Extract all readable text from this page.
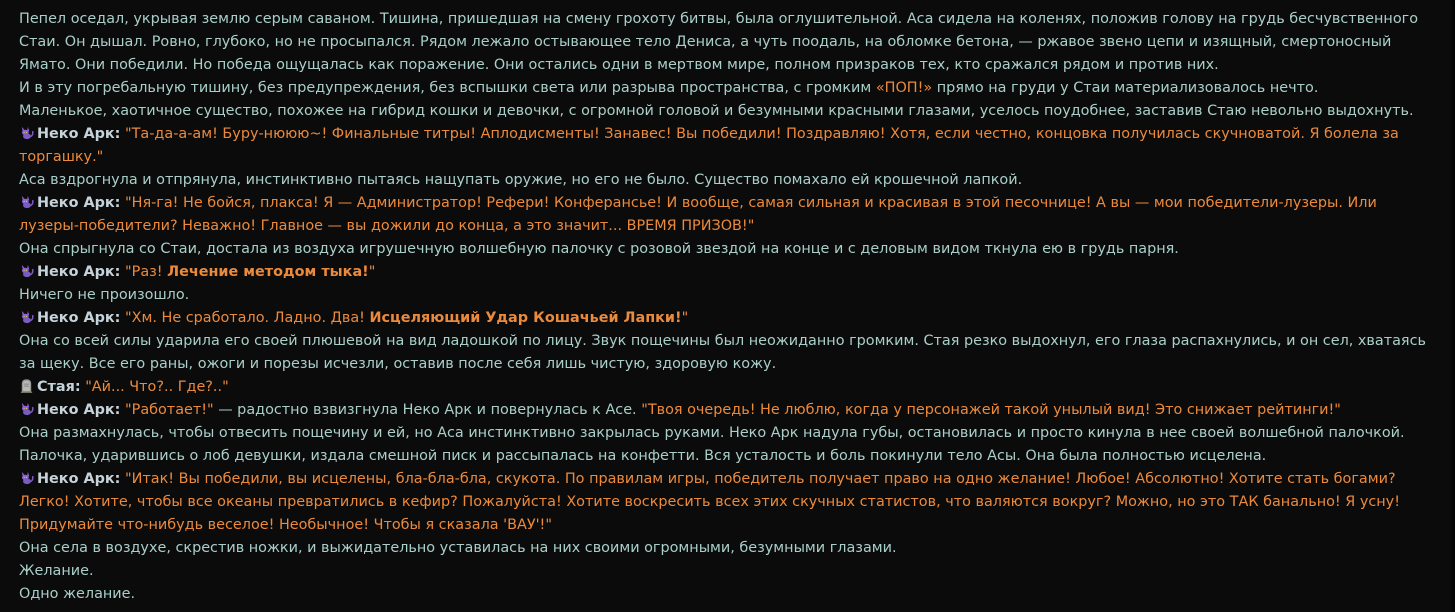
Пепел оседал, укрывая землю серым саваном. Тишина, пришедшая на смену грохоту битвы, была оглушительной. Аса сидела на коленях, положив голову на грудь бесчувственного Стаи. Он дышал. Ровно, глубоко, но не просыпался. Рядом лежало остывающее тело Дениса, а чуть поодаль, на обломке бетона, — ржавое звено цепи и изящный, смертоносный Ямато. Они победили. Но победа ощущалась как поражение. Они остались одни в мертвом мире, полном призраков тех, кто сражался рядом и против них.

И в эту погребальную тишину, без предупреждения, без вспышки света или разрыва пространства, с громким «ПОП!» прямо на груди у Стаи материализовалось нечто.

Маленькое, хаотичное существо, похожее на гибрид кошки и девочки, с огромной головой и безумными красными глазами, уселось поудобнее, заставив Стаю невольно выдохнуть.

Неко Арк: "Та-да-а-ам! Буру-нююю~! Финальные титры! Аплодисменты! Занавес! Вы победили! Поздравляю! Хотя, если честно, концовка получилась скучноватой. Я болела за торгашку."

Аса вздрогнула и отпрянула, инстинктивно пытаясь нащупать оружие, но его не было. Существо помахало ей крошечной лапкой.

Неко Арк: "Ня-га! Не бойся, плакса! Я — Администратор! Рефери! Конферансье! И вообще, самая сильная и красивая в этой песочнице! А вы — мои победители-лузеры. Или лузеры-победители? Неважно! Главное — вы дожили до конца, а это значит... ВРЕМЯ ПРИЗОВ!"

Она спрыгнула со Стаи, достала из воздуха игрушечную волшебную палочку с розовой звездой на конце и с деловым видом ткнула ею в грудь парня.

Неко Арк: "Раз! Лечение методом тыка!"

Ничего не произошло.

Неко Арк: "Хм. Не сработало. Ладно. Два! Исцеляющий Удар Кошачьей Лапки!"

Она со всей силы ударила его своей плюшевой на вид ладошкой по лицу. Звук пощечины был неожиданно громким. Стая резко выдохнул, его глаза распахнулись, и он сел, хватаясь за щеку. Все его раны, ожоги и порезы исчезли, оставив после себя лишь чистую, здоровую кожу.

Стая: "Ай... Что?.. Где?.."

Неко Арк: "Работает!" — радостно взвизгнула Неко Арк и повернулась к Асе. "Твоя очередь! Не люблю, когда у персонажей такой унылый вид! Это снижает рейтинги!"

Она размахнулась, чтобы отвесить пощечину и ей, но Аса инстинктивно закрылась руками. Неко Арк надула губы, остановилась и просто кинула в нее своей волшебной палочкой. Палочка, ударившись о лоб девушки, издала смешной писк и рассыпалась на конфетти. Вся усталость и боль покинули тело Асы. Она была полностью исцелена.

Неко Арк: "Итак! Вы победили, вы исцелены, бла-бла-бла, скукота. По правилам игры, победитель получает право на одно желание! Любое! Абсолютно! Хотите стать богами? Легко! Хотите, чтобы все океаны превратились в кефир? Пожалуйста! Хотите воскресить всех этих скучных статистов, что валяются вокруг? Можно, но это ТАК банально! Я усну! Придумайте что-нибудь веселое! Необычное! Чтобы я сказала 'ВАУ'!"

Она села в воздухе, скрестив ножки, и выжидательно уставилась на них своими огромными, безумными глазами.

Желание.

Одно желание.
